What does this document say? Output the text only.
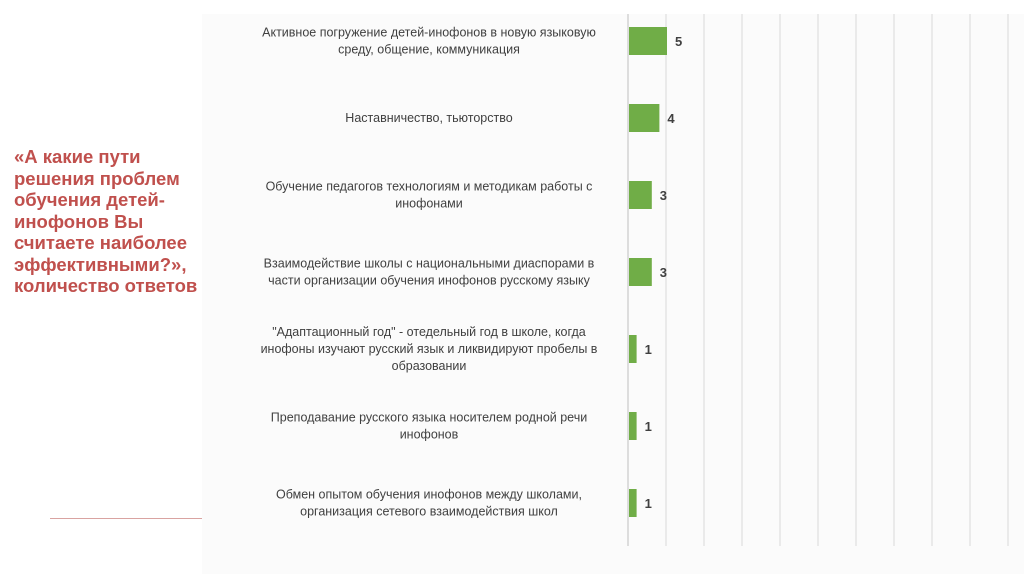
«А какие пути решения проблем обучения детей-инофонов Вы считаете наиболее эффективными?», количество ответов

Активное погружение детей-инофонов в новую языковую среду, общение, коммуникация
Наставничество, тьюторство
Обучение педагогов технологиям и методикам работы с инофонами
Взаимодействие школы с национальными диаспорами в части организации обучения инофонов русскому языку
"Адаптационный год" - отедельный год в школе, когда инофоны изучают русский язык и ликвидируют пробелы в образовании
Преподавание русского языка носителем родной речи инофонов
Обмен опытом обучения инофонов между школами, организация сетевого взаимодействия школ
5
4
3
3
1
1
1
